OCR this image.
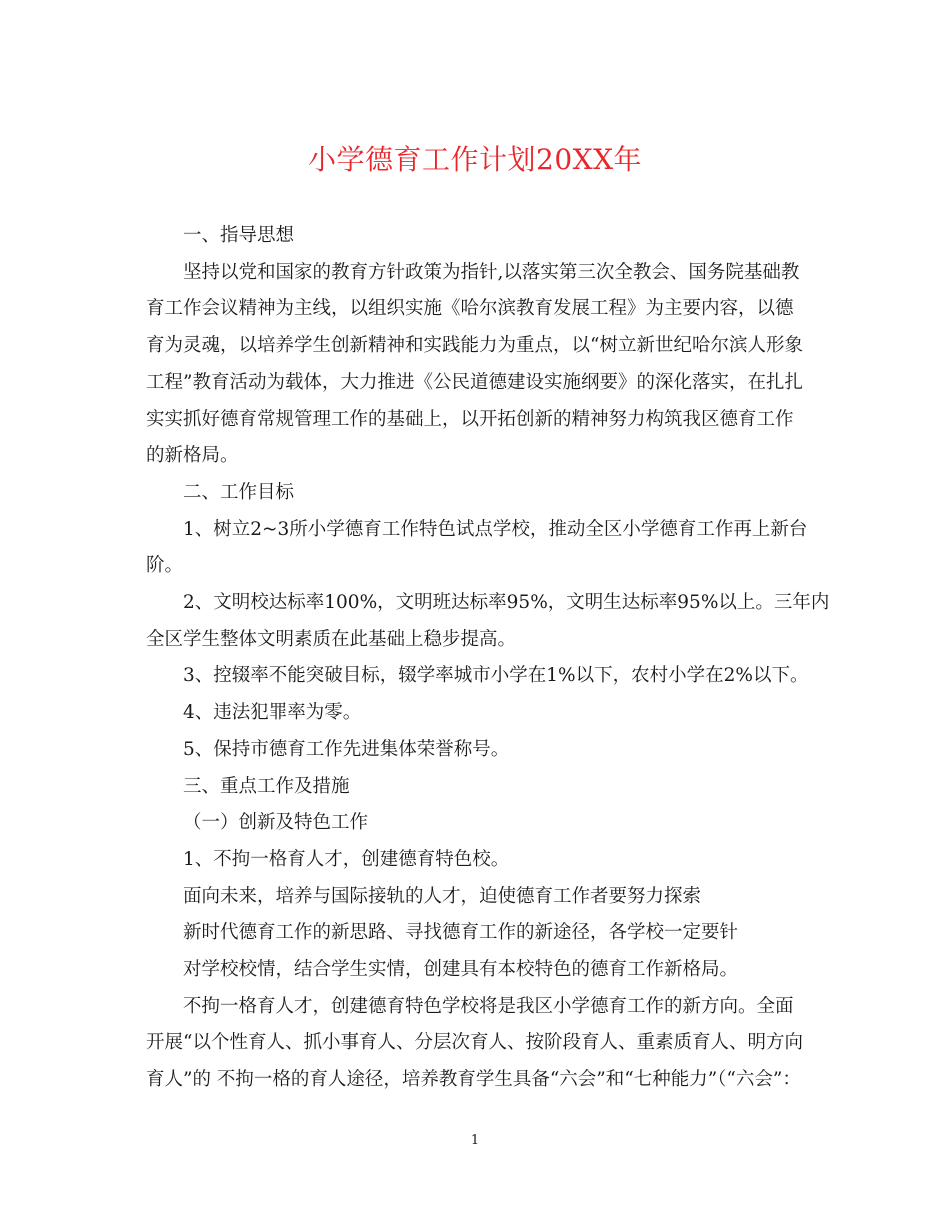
小学德育工作计划20XX年

一、指导思想

坚持以党和国家的教育方针政策为指针,以落实第三次全教会、国务院基础教

育工作会议精神为主线，以组织实施《哈尔滨教育发展工程》为主要内容，以德

育为灵魂，以培养学生创新精神和实践能力为重点，以“树立新世纪哈尔滨人形象

工程”教育活动为载体，大力推进《公民道德建设实施纲要》的深化落实，在扎扎

实实抓好德育常规管理工作的基础上，以开拓创新的精神努力构筑我区德育工作

的新格局。

二、工作目标

1、树立2~3所小学德育工作特色试点学校，推动全区小学德育工作再上新台

阶。

2、文明校达标率100%，文明班达标率95%，文明生达标率95%以上。三年内

全区学生整体文明素质在此基础上稳步提高。

3、控辍率不能突破目标，辍学率城市小学在1%以下，农村小学在2%以下。

4、违法犯罪率为零。

5、保持市德育工作先进集体荣誉称号。

三、重点工作及措施

（一）创新及特色工作

1、不拘一格育人才，创建德育特色校。

面向未来，培养与国际接轨的人才，迫使德育工作者要努力探索

新时代德育工作的新思路、寻找德育工作的新途径，各学校一定要针

对学校校情，结合学生实情，创建具有本校特色的德育工作新格局。

不拘一格育人才，创建德育特色学校将是我区小学德育工作的新方向。全面

开展“以个性育人、抓小事育人、分层次育人、按阶段育人、重素质育人、明方向

育人”的 不拘一格的育人途径，培养教育学生具备“六会”和“七种能力”（“六会”：

1
